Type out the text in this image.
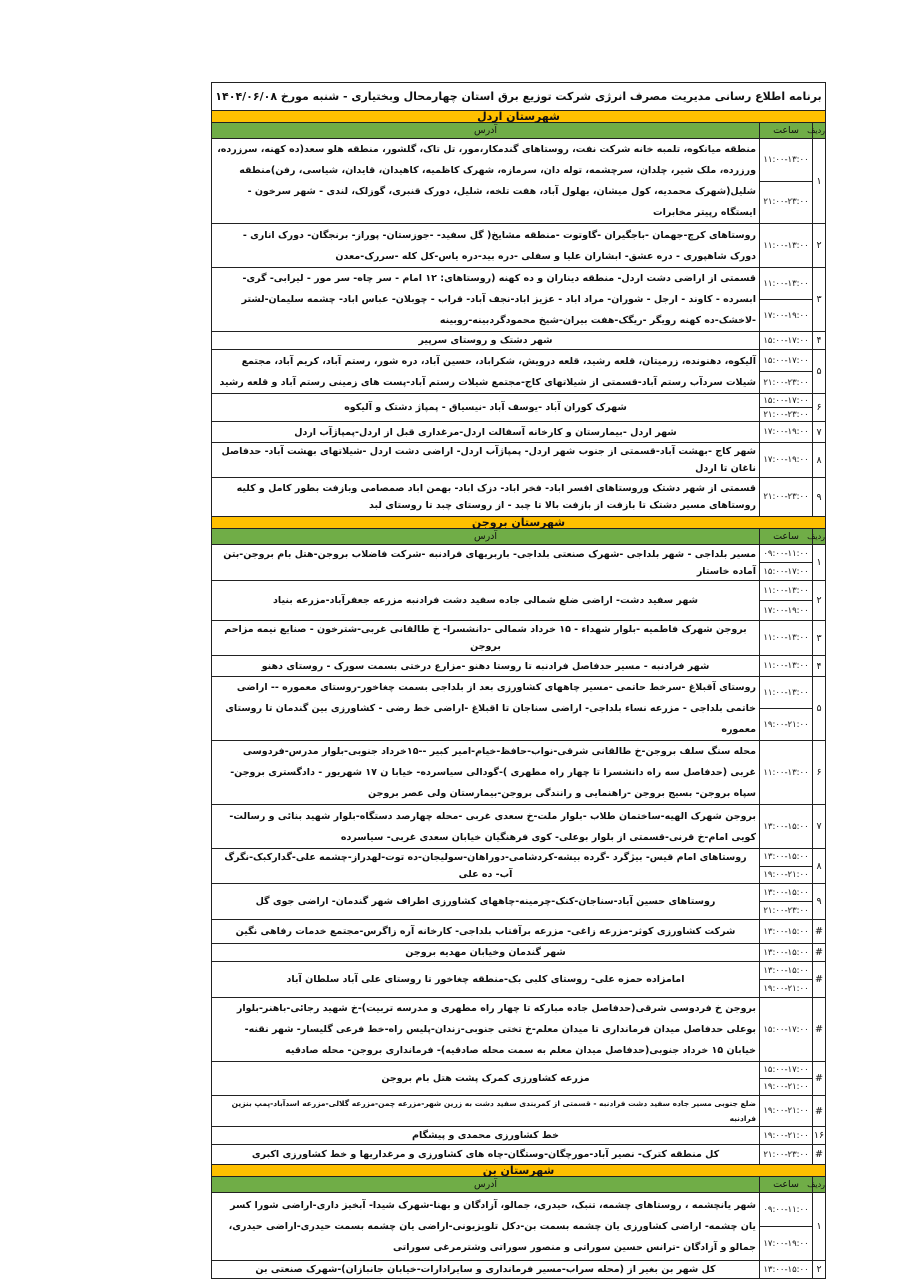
برنامه اطلاع رسانی مدیریت مصرف انرژی شرکت توزیع برق استان چهارمحال وبختیاری - شنبه مورخ ۱۴۰۴/۰۶/۰۸		
شهرستان اردل		
ردیف	ساعت	آدرس
۱	۱۱:۰۰-۱۳:۰۰	منطقه میانکوه، تلمبه خانه شرکت نفت، روستاهای گندمکار،مور، تل تاک، گلشور، منطقه هلو سعد(ده کهنه، سرزرده، ورزرده، ملک شیر، چلدان، سرچشمه، توله دان، سرمازه، شهرک کاظمیه، کاهیدان، قایدان، شیاسی، رفن)منطقه شلیل(شهرک محمدیه، کول میشان، بهلول آباد، هفت تلخه، شلیل، دورک قنبری، گوزلک، لندی - شهر سرخون - ایستگاه رپیتر مخابرات
	۲۱:۰۰-۲۳:۰۰	
۲	۱۱:۰۰-۱۳:۰۰	روستاهای کرچ-جهمان -باجگیران -گاوتوت -منطقه مشایخ( گل سفید- -جوزستان- پوراز- برنجگان- دورک اناری - دورک شاهپوری - دره عشق- ابشاران علیا و سفلی -دره بید-دره یاس-کل کله -سررک-معدن
۳	۱۱:۰۰-۱۳:۰۰	قسمتی از اراضی دشت اردل- منطقه دیناران و ده کهنه (روستاهای: ۱۲ امام - سر چاه- سر مور - لیرابی- گری- ابسرده - کاوند - ارجل - شوران- مراد اباد - عزیز اباد-نجف آباد- قراب - چوبلان- عباس اباد- چشمه سلیمان-لشتر -لاخشک-ده کهنه رویگر -ریگک-هفت بیران-شیخ محمودگردبینه-روبینه
	۱۷:۰۰-۱۹:۰۰	
۴	۱۵:۰۰-۱۷:۰۰	شهر دشتک و روستای سرپیر
۵	۱۵:۰۰-۱۷:۰۰	آلیکوه، دهنونده، زرمیتان، قلعه رشید، قلعه درویش، شکراباد، حسین آباد، دره شور، رستم آباد، کریم آباد، مجتمع شیلات سردآب رستم آباد-قسمتی از شیلاتهای کاج-مجتمع شیلات رستم آباد-پست های زمینی رستم آباد و قلعه رشید
	۲۱:۰۰-۲۳:۰۰	
۶	۱۵:۰۰-۱۷:۰۰	شهرک کوران آباد -یوسف آباد -نیسیاق - پمپاژ دشتک و آلیکوه
	۲۱:۰۰-۲۳:۰۰	
۷	۱۷:۰۰-۱۹:۰۰	شهر اردل -بیمارستان و کارخانه آسفالت اردل-مرغداری قبل از اردل-پمپاژآب اردل
۸	۱۷:۰۰-۱۹:۰۰	شهر کاج -بهشت آباد-قسمتی از جنوب شهر اردل- پمپاژآب اردل- اراضی دشت اردل -شیلاتهای بهشت آباد- حدفاصل ناغان تا اردل
۹	۲۱:۰۰-۲۳:۰۰	قسمتی از شهر دشتک وروستاهای افسر اباد- فخر اباد- دزک اباد- بهمن اباد صمصامی وبازفت بطور کامل و کلیه روستاهای مسیر دشتک تا بازفت از بازفت بالا تا چبد - از روستای چبد تا روستای لبد
شهرستان بروجن		
ردیف	ساعت	آدرس
۱	۰۹:۰۰-۱۱:۰۰	مسیر بلداجی - شهر بلداجی -شهرک صنعتی بلداجی- باربریهای فرادنبه -شرکت فاضلاب بروجن-هتل بام بروجن-بتن آماده خاستار
	۱۵:۰۰-۱۷:۰۰	
۲	۱۱:۰۰-۱۳:۰۰	شهر سفید دشت- اراضی ضلع شمالی جاده سفید دشت فرادنبه مزرعه جعفرآباد-مزرعه بنیاد
	۱۷:۰۰-۱۹:۰۰	
۳	۱۱:۰۰-۱۳:۰۰	بروجن شهرک فاطمیه -بلوار شهداء - ۱۵ خرداد شمالی -دانشسرا- خ طالقانی غربی-شترخون - صنایع نیمه مزاحم بروجن
۴	۱۱:۰۰-۱۳:۰۰	شهر فرادنبه - مسیر حدفاصل فرادنبه تا روستا دهنو -مزارع درختی بسمت سورک - روستای دهنو
۵	۱۱:۰۰-۱۳:۰۰	روستای آقبلاغ -سرخط حاتمی -مسیر چاههای کشاورزی بعد از بلداجی بسمت چغاخور-روستای معموره -- اراضی خاتمی بلداجی - مزرعه نساء بلداجی- اراضی سناجان تا اقبلاغ -اراضی خط رضی - کشاورزی بین گندمان تا روستای معموره
	۱۹:۰۰-۲۱:۰۰	
۶	۱۱:۰۰-۱۳:۰۰	محله سنگ سلف بروجن-خ طالقانی شرقی-نواب-حافظ-خیام-امیر کبیر --۱۵خرداد جنوبی-بلوار مدرس-فردوسی غربی (حدفاصل سه راه دانشسرا تا چهار راه مطهری )-گودالی سیاسرده- خیابا ن ۱۷ شهریور - دادگستری بروجن- سپاه بروجن- بسیج بروجن -راهنمایی و رانندگی بروجن-بیمارستان ولی عصر بروجن
۷	۱۳:۰۰-۱۵:۰۰	بروجن شهرک الهیه-ساختمان طلاب -بلوار ملت-خ سعدی غربی -محله چهارصد دستگاه-بلوار شهید بنائی و رسالت-کویی امام-خ قرنی-قسمتی از بلوار بوعلی- کوی فرهنگیان خیابان سعدی غربی- سیاسرده
۸	۱۳:۰۰-۱۵:۰۰	روستاهای امام قیس- بیژگرد -گرده بیشه-کردشامی-دوراهان-سولیجان-ده توت-لهدراز-چشمه علی-گدارکبک-نگرگ آب- ده علی
	۱۹:۰۰-۲۱:۰۰	
۹	۱۳:۰۰-۱۵:۰۰	روستاهای حسین آباد-سناجان-کنک-چرمینه-چاههای کشاورزی اطراف شهر گندمان- اراضی جوی گل
	۲۱:۰۰-۲۳:۰۰	
#	۱۳:۰۰-۱۵:۰۰	شرکت کشاورزی کوثر-مزرعه زاغی- مزرعه برآفتاب بلداجی- کارخانه آره زاگرس-مجتمع خدمات رفاهی نگین
#	۱۳:۰۰-۱۵:۰۰	شهر گندمان وخیابان مهدیه بروجن
#	۱۳:۰۰-۱۵:۰۰	امامزاده حمزه علی- روستای کلبی بک-منطقه چغاخور تا روستای علی آباد سلطان آباد
	۱۹:۰۰-۲۱:۰۰	
#	۱۵:۰۰-۱۷:۰۰	بروجن خ فردوسی شرقی(حدفاصل جاده مبارکه تا چهار راه مطهری و مدرسه تربیت)-خ شهید رجائی-باهنر-بلوار بوعلی حدفاصل میدان فرمانداری تا میدان معلم-خ تختی جنوبی-زندان-پلیس راه-خط فرعی گلیسار- شهر نقنه- خیابان ۱۵ خرداد جنوبی(حدفاصل میدان معلم به سمت محله صادقیه)- فرمانداری بروجن- محله صادقیه
#	۱۵:۰۰-۱۷:۰۰	مزرعه کشاورزی کمرک پشت هتل بام بروجن
	۱۹:۰۰-۲۱:۰۰	
#	۱۹:۰۰-۲۱:۰۰	ضلع جنوبی مسیر جاده سفید دشت فرادنبه - قسمتی از کمربندی سفید دشت به زرین شهر-مزرعه چمن-مزرعه گلالی-مزرعه اسدآباد-پمپ بنزین فرادنبه
۱۶	۱۹:۰۰-۲۱:۰۰	خط کشاورزی محمدی و پیشگام
#	۲۱:۰۰-۲۳:۰۰	کل منطقه کترک- نصیر آباد-مورچگان-وستگان-چاه های کشاورزی و مرغداریها و خط کشاورزی اکبری
شهرستان بن		
ردیف	ساعت	آدرس
۱	۰۹:۰۰-۱۱:۰۰	شهر یانچشمه ، روستاهای چشمه، تنبک، حیدری، جمالو، آزادگان و بهنا-شهرک شیدا- آبخیز داری-اراضی شورا کسر یان چشمه- اراضی کشاورزی یان چشمه بسمت بن-دکل تلویزیونی-اراضی یان چشمه بسمت حیدری-اراضی حیدری، جمالو و آزادگان -ترانس حسین سوراتی و منصور سوراتی وشترمرغی سوراتی
	۱۷:۰۰-۱۹:۰۰	
۲	۱۳:۰۰-۱۵:۰۰	کل شهر بن بغیر از (محله سراب-مسیر فرمانداری و سایرادارات-خیابان جانبازان)-شهرک صنعتی بن
